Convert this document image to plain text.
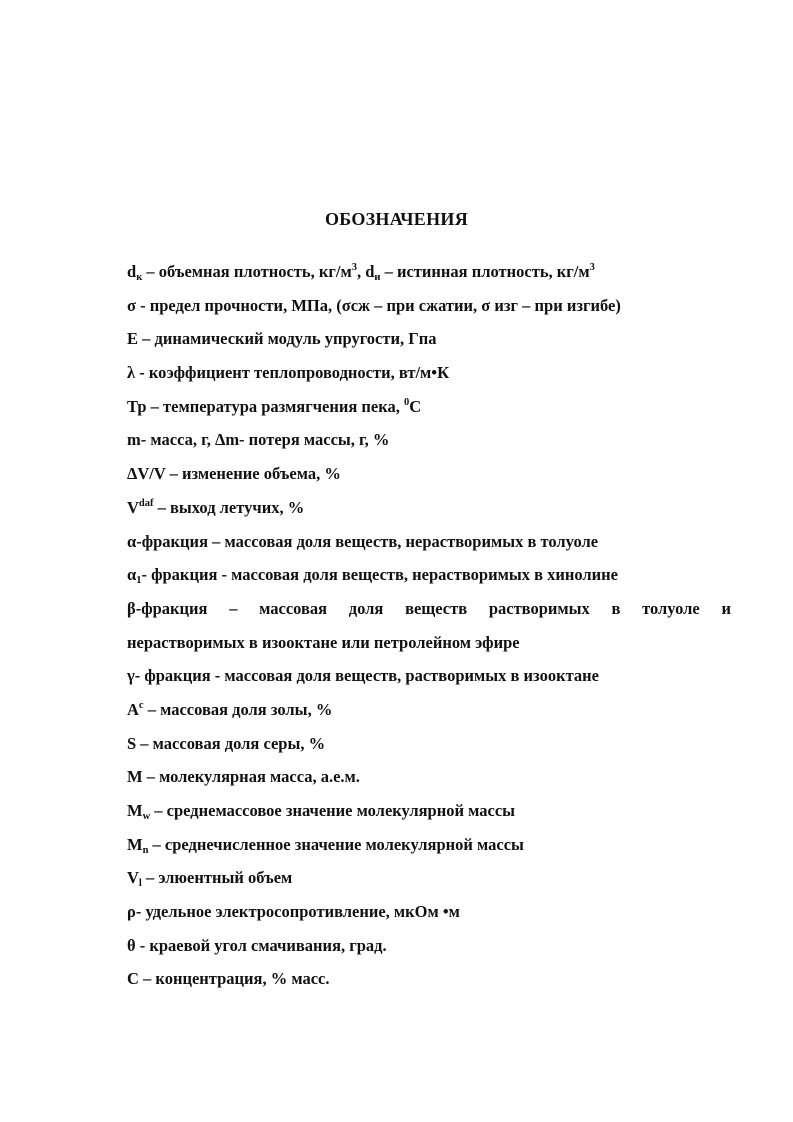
ОБОЗНАЧЕНИЯ
$d_к$ – объемная плотность, $кг/м^3$, $d_и$ – истинная плотность, $кг/м^3$
σ - предел прочности, МПа, (σсж – при сжатии, σ изг – при изгибе)
Е – динамический модуль упругости, Гпа
λ - коэффициент теплопроводности, вт/м•К
Тр – температура размягчения пека, $^0$С
m- масса, г, Δm- потеря массы, г, %
ΔV/V – изменение объема, %
$V^{daf}$ – выход летучих, %
α-фракция – массовая доля веществ, нерастворимых в толуоле
$\alpha_1-$ фракция - массовая доля веществ, нерастворимых в хинолине
β-фракция – массовая доля веществ растворимых в толуоле и
нерастворимых в изооктане или петролейном эфире
γ- фракция - массовая доля веществ, растворимых в изооктане
$А^с$ – массовая доля золы, %
S – массовая доля серы, %
М – молекулярная масса, а.е.м.
$M_w$ – среднемассовое значение молекулярной массы
$M_n$ – среднечисленное значение молекулярной массы
$V_l$ – элюентный объем
ρ- удельное электросопротивление, мкОм •м
θ - краевой угол смачивания, град.
С – концентрация, % масс.
